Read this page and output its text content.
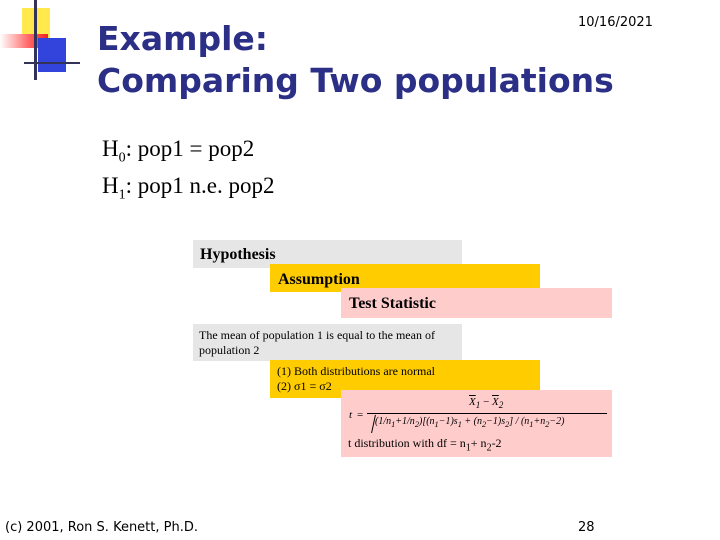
10/16/2021
Example:
Comparing Two populations
$H_0$: pop1 = pop2
$H_1$: pop1 n.e. pop2
Hypothesis
Assumption
Test Statistic
The mean of population 1 is equal to the mean of population 2
(1) Both distributions are normal
(2) σ1 = σ2
t =
$\overline{X}_1 - \overline{X}_2$
$(1/n_1+1/n_2)[(n_1-1)s_1 + (n_2-1)s_2] / (n_1+n_2-2)$
t distribution with df = $n_1+ n_2-2$
(c) 2001, Ron S. Kenett, Ph.D.	28
